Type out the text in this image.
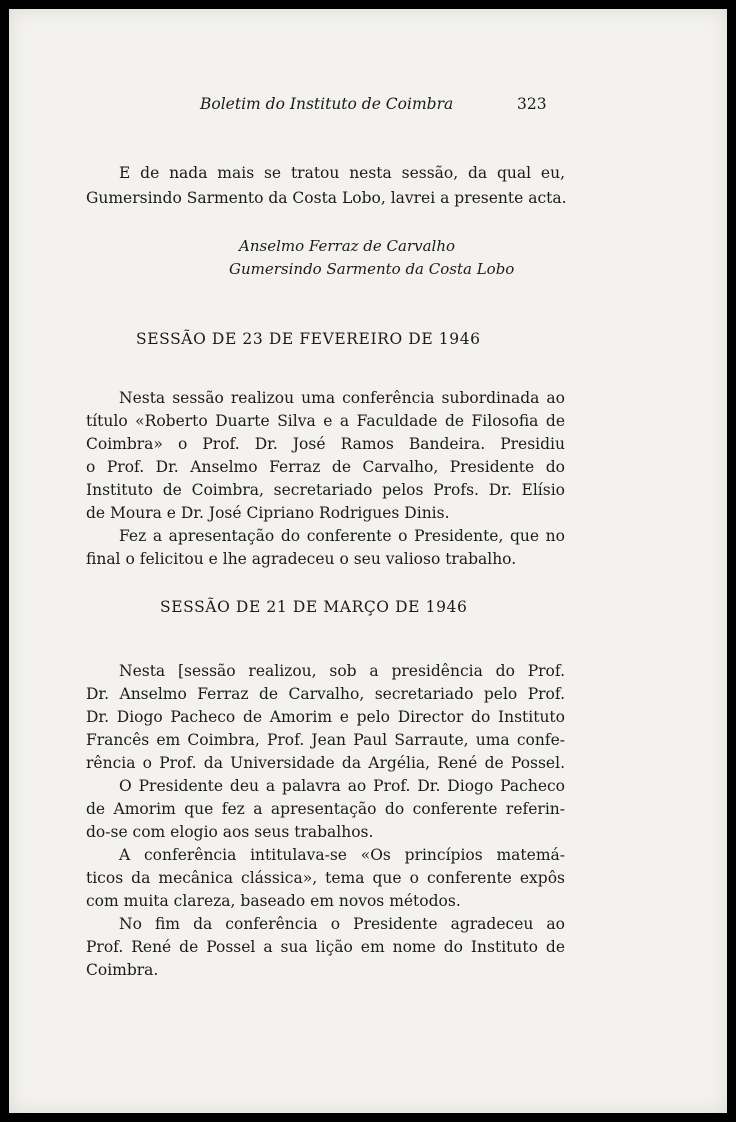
Boletim do Instituto de Coimbra	323
E de nada mais se tratou nesta sessão, da qual eu,
Gumersindo Sarmento da Costa Lobo, lavrei a presente acta.
Anselmo Ferraz de Carvalho
Gumersindo Sarmento da Costa Lobo
SESSÃO DE 23 DE FEVEREIRO DE 1946
Nesta sessão realizou uma conferência subordinada ao
título «Roberto Duarte Silva e a Faculdade de Filosofia de
Coimbra» o Prof. Dr. José Ramos Bandeira. Presidiu
o Prof. Dr. Anselmo Ferraz de Carvalho, Presidente do
Instituto de Coimbra, secretariado pelos Profs. Dr. Elísio
de Moura e Dr. José Cipriano Rodrigues Dinis.
Fez a apresentação do conferente o Presidente, que no
final o felicitou e lhe agradeceu o seu valioso trabalho.
SESSÃO DE 21 DE MARÇO DE 1946
Nesta [sessão realizou, sob a presidência do Prof.
Dr. Anselmo Ferraz de Carvalho, secretariado pelo Prof.
Dr. Diogo Pacheco de Amorim e pelo Director do Instituto
Francês em Coimbra, Prof. Jean Paul Sarraute, uma confe-
rência o Prof. da Universidade da Argélia, René de Possel.
O Presidente deu a palavra ao Prof. Dr. Diogo Pacheco
de Amorim que fez a apresentação do conferente referin-
do-se com elogio aos seus trabalhos.
A conferência intitulava-se «Os princípios matemá-
ticos da mecânica clássica», tema que o conferente expôs
com muita clareza, baseado em novos métodos.
No fim da conferência o Presidente agradeceu ao
Prof. René de Possel a sua lição em nome do Instituto de
Coimbra.
